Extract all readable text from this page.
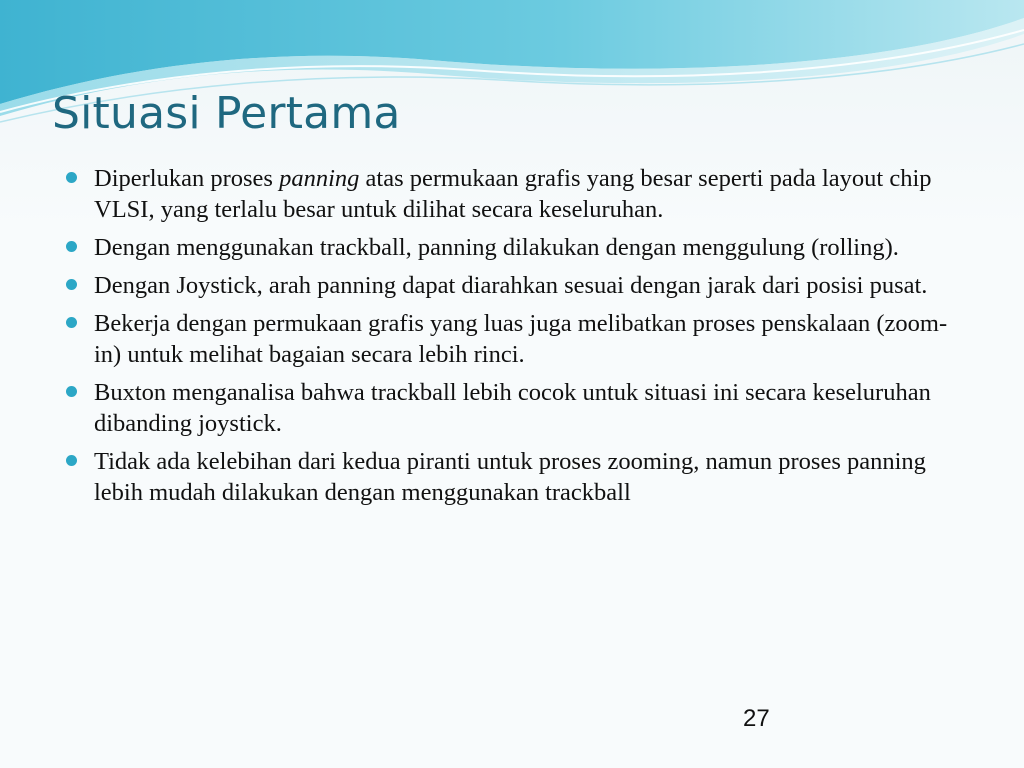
Situasi Pertama
Diperlukan proses panning atas permukaan grafis yang besar seperti pada layout chip VLSI, yang terlalu besar untuk dilihat secara keseluruhan.
Dengan menggunakan trackball, panning dilakukan dengan menggulung (rolling).
Dengan Joystick, arah panning dapat diarahkan sesuai dengan jarak dari posisi pusat.
Bekerja dengan permukaan grafis yang luas juga melibatkan proses penskalaan (zoom-in) untuk melihat bagaian secara lebih rinci.
Buxton menganalisa bahwa trackball lebih cocok untuk situasi ini secara keseluruhan dibanding joystick.
Tidak ada kelebihan dari kedua piranti untuk proses zooming, namun proses panning lebih mudah dilakukan dengan menggunakan trackball
27
